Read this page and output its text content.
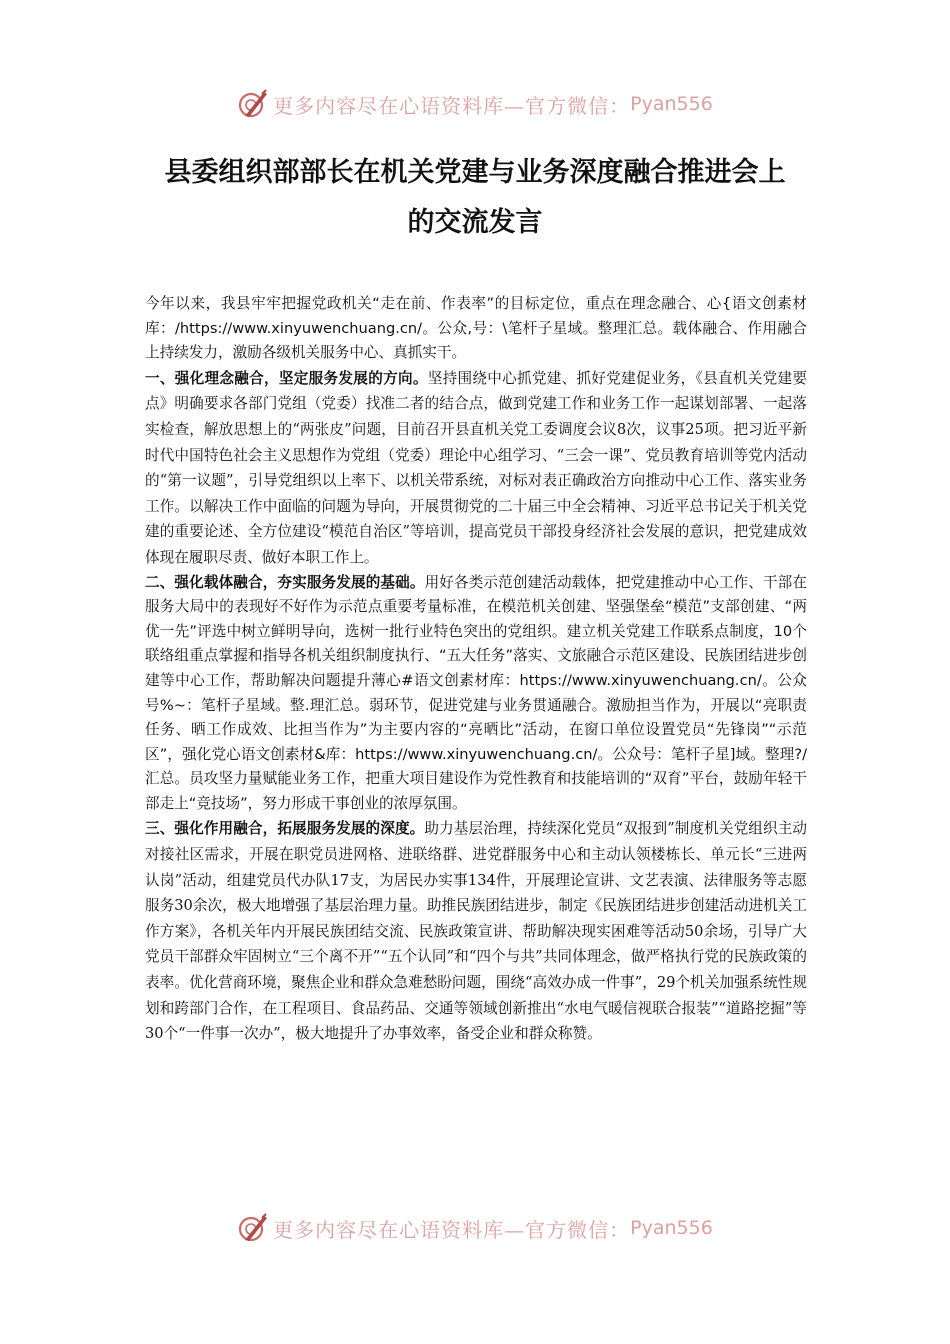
更多内容尽在心语资料库—官方微信： Pyan556
县委组织部部长在机关党建与业务深度融合推进会上
的交流发言

今年以来，我县牢牢把握党政机关“走在前、作表率”的目标定位，重点在理念融合、心{语文创素材库：/https://www.xinyuwenchuang.cn/。公众,号：\笔杆子星域。整理汇总。载体融合、作用融合上持续发力，激励各级机关服务中心、真抓实干。

一、强化理念融合，坚定服务发展的方向。坚持围绕中心抓党建、抓好党建促业务，《县直机关党建要点》明确要求各部门党组（党委）找准二者的结合点，做到党建工作和业务工作一起谋划部署、一起落实检查，解放思想上的“两张皮”问题，目前召开县直机关党工委调度会议8次，议事25项。把习近平新时代中国特色社会主义思想作为党组（党委）理论中心组学习、“三会一课”、党员教育培训等党内活动的“第一议题”，引导党组织以上率下、以机关带系统，对标对表正确政治方向推动中心工作、落实业务工作。以解决工作中面临的问题为导向，开展贯彻党的二十届三中全会精神、习近平总书记关于机关党建的重要论述、全方位建设“模范自治区”等培训，提高党员干部投身经济社会发展的意识，把党建成效体现在履职尽责、做好本职工作上。

二、强化载体融合，夯实服务发展的基础。用好各类示范创建活动载体，把党建推动中心工作、干部在服务大局中的表现好不好作为示范点重要考量标准，在模范机关创建、坚强堡垒“模范”支部创建、“两优一先”评选中树立鲜明导向，选树一批行业特色突出的党组织。建立机关党建工作联系点制度，10个联络组重点掌握和指导各机关组织制度执行、“五大任务”落实、文旅融合示范区建设、民族团结进步创建等中心工作，帮助解决问题提升薄心#语文创素材库：https://www.xinyuwenchuang.cn/。公众号%~：笔杆子星域。整.理汇总。弱环节，促进党建与业务贯通融合。激励担当作为，开展以“亮职责任务、晒工作成效、比担当作为”为主要内容的“亮晒比”活动，在窗口单位设置党员“先锋岗”“示范区”，强化党心语文创素材&库：https://www.xinyuwenchuang.cn/。公众号：笔杆子星]域。整理?/汇总。员攻坚力量赋能业务工作，把重大项目建设作为党性教育和技能培训的“双育”平台，鼓励年轻干部走上“竞技场”，努力形成干事创业的浓厚氛围。

三、强化作用融合，拓展服务发展的深度。助力基层治理，持续深化党员“双报到”制度机关党组织主动对接社区需求，开展在职党员进网格、进联络群、进党群服务中心和主动认领楼栋长、单元长“三进两认岗”活动，组建党员代办队17支，为居民办实事134件，开展理论宣讲、文艺表演、法律服务等志愿服务30余次，极大地增强了基层治理力量。助推民族团结进步，制定《民族团结进步创建活动进机关工作方案》，各机关年内开展民族团结交流、民族政策宣讲、帮助解决现实困难等活动50余场，引导广大党员干部群众牢固树立“三个离不开”“五个认同”和“四个与共”共同体理念，做严格执行党的民族政策的表率。优化营商环境，聚焦企业和群众急难愁盼问题，围绕“高效办成一件事”，29个机关加强系统性规划和跨部门合作，在工程项目、食品药品、交通等领域创新推出“水电气暖信视联合报装”“道路挖掘”等30个“一件事一次办”，极大地提升了办事效率，备受企业和群众称赞。

更多内容尽在心语资料库—官方微信： Pyan556
